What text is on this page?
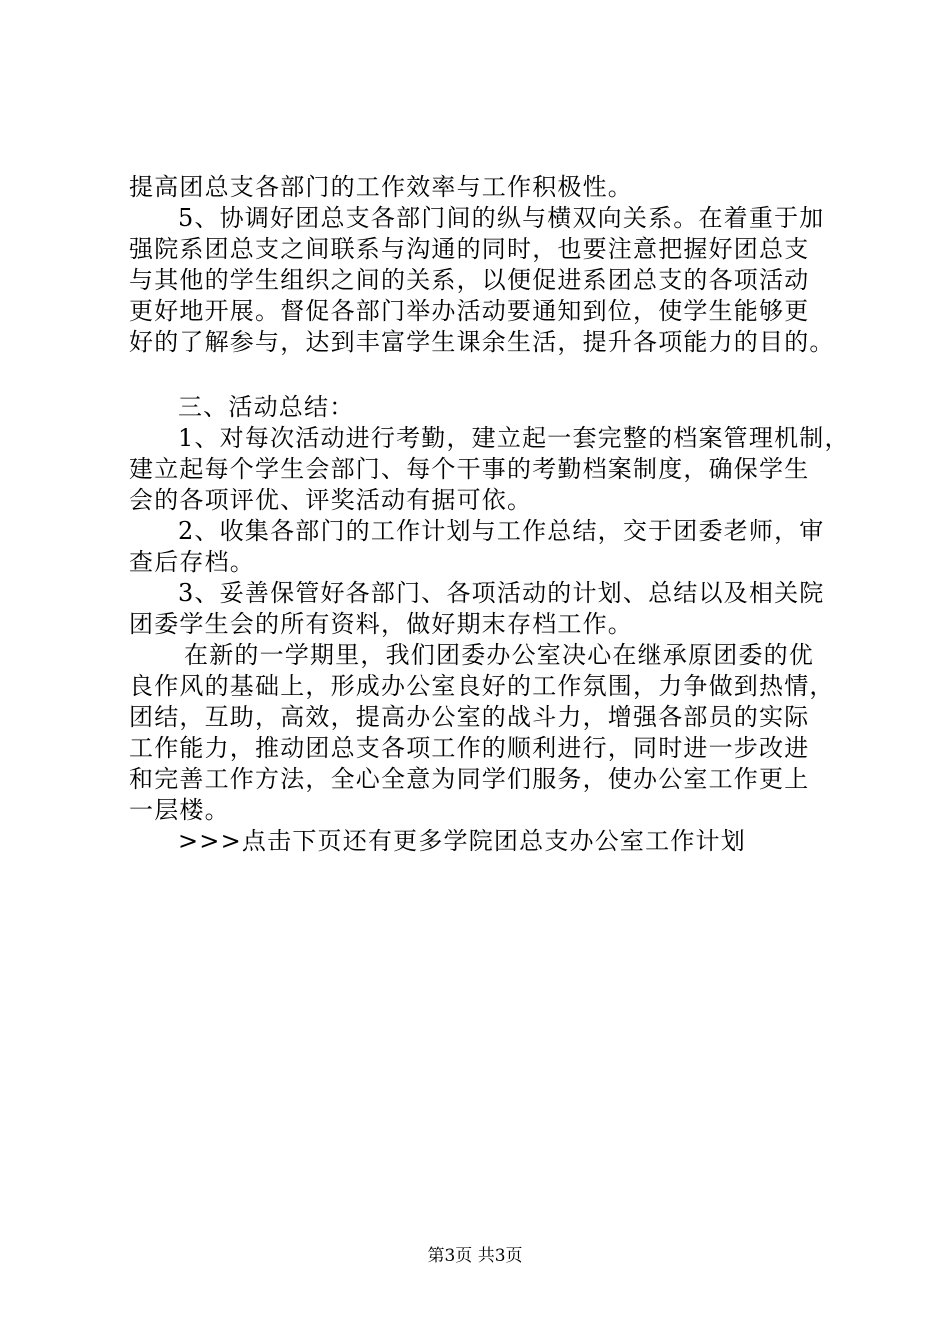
提高团总支各部门的工作效率与工作积极性。
5、协调好团总支各部门间的纵与横双向关系。在着重于加
强院系团总支之间联系与沟通的同时，也要注意把握好团总支
与其他的学生组织之间的关系，以便促进系团总支的各项活动
更好地开展。督促各部门举办活动要通知到位，使学生能够更
好的了解参与，达到丰富学生课余生活，提升各项能力的目的。
三、活动总结：
1、对每次活动进行考勤，建立起一套完整的档案管理机制，
建立起每个学生会部门、每个干事的考勤档案制度，确保学生
会的各项评优、评奖活动有据可依。
2、收集各部门的工作计划与工作总结，交于团委老师，审
查后存档。
3、妥善保管好各部门、各项活动的计划、总结以及相关院
团委学生会的所有资料，做好期末存档工作。
在新的一学期里，我们团委办公室决心在继承原团委的优
良作风的基础上，形成办公室良好的工作氛围，力争做到热情，
团结，互助，高效，提高办公室的战斗力，增强各部员的实际
工作能力，推动团总支各项工作的顺利进行，同时进一步改进
和完善工作方法，全心全意为同学们服务，使办公室工作更上
一层楼。
>>>点击下页还有更多学院团总支办公室工作计划
第3页 共3页
